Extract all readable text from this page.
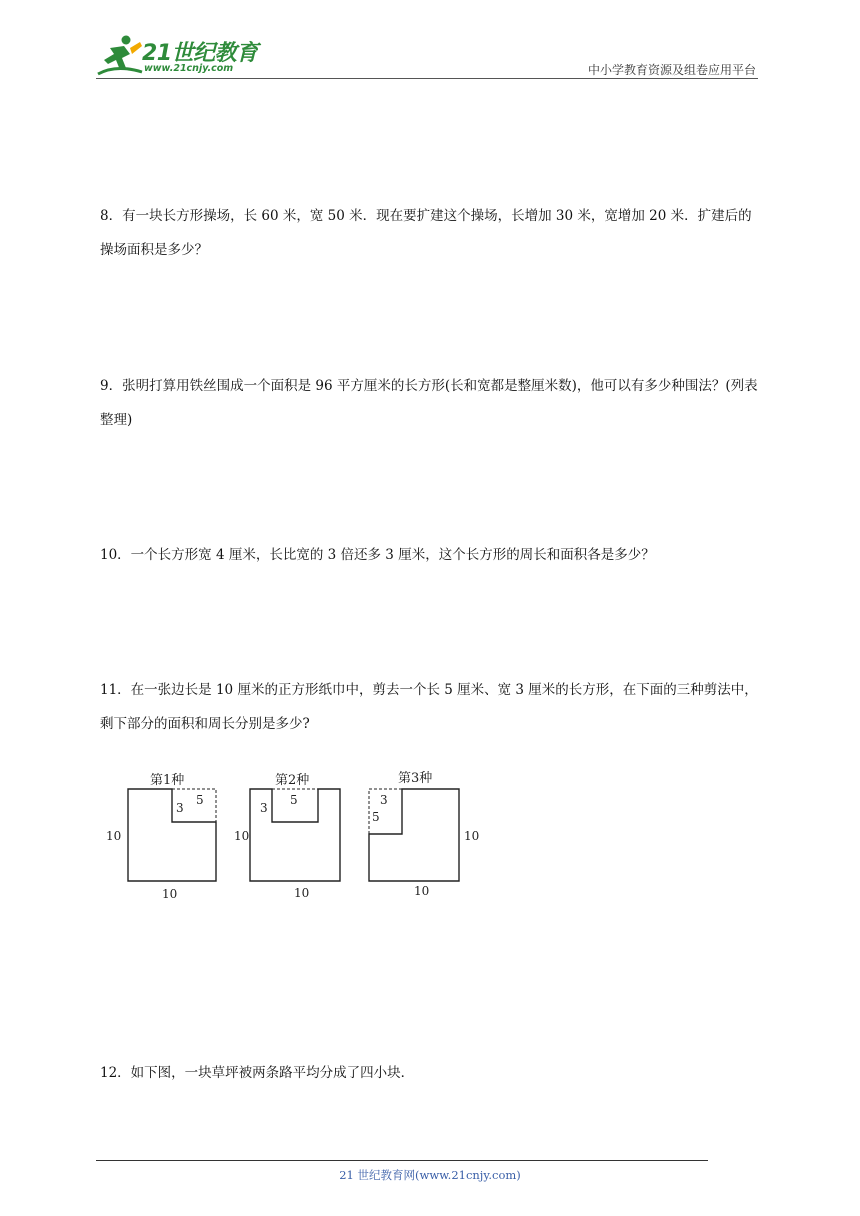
21世纪教育
www.21cnjy.com	中小学教育资源及组卷应用平台
8．有一块长方形操场，长 60 米，宽 50 米．现在要扩建这个操场，长增加 30 米，宽增加 20 米．扩建后的操场面积是多少？
9．张明打算用铁丝围成一个面积是 96 平方厘米的长方形(长和宽都是整厘米数)，他可以有多少种围法？(列表整理)
10．一个长方形宽 4 厘米，长比宽的 3 倍还多 3 厘米，这个长方形的周长和面积各是多少？
11．在一张边长是 10 厘米的正方形纸巾中，剪去一个长 5 厘米、宽 3 厘米的长方形，在下面的三种剪法中，剩下部分的面积和周长分别是多少?
第1种
3
5
10
10
第2种
3
5
10
10
第3种
3
5
10
10
12．如下图，一块草坪被两条路平均分成了四小块．
21 世纪教育网(www.21cnjy.com)
